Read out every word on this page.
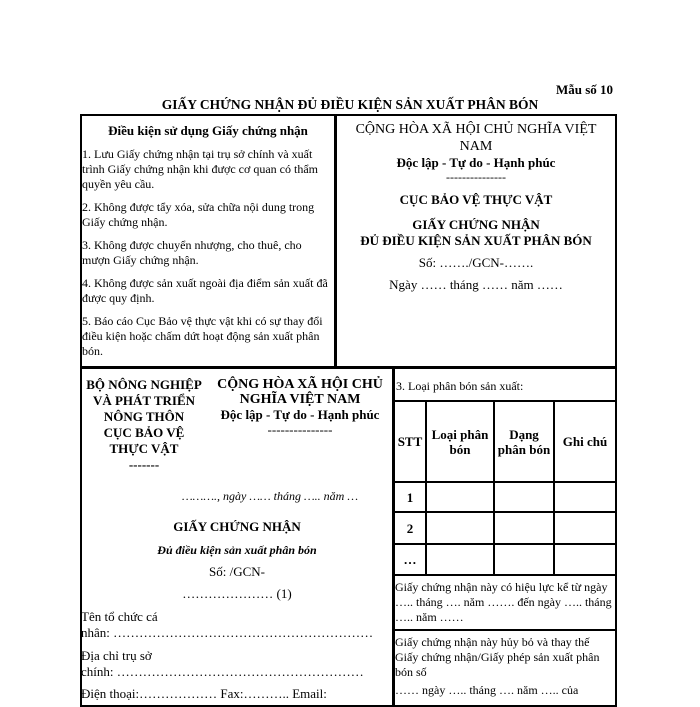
Mẫu số 10
GIẤY CHỨNG NHẬN ĐỦ ĐIỀU KIỆN SẢN XUẤT PHÂN BÓN
Điều kiện sử dụng Giấy chứng nhận

1. Lưu Giấy chứng nhận tại trụ sở chính và xuất trình Giấy chứng nhận khi được cơ quan có thẩm quyền yêu cầu.

2. Không được tẩy xóa, sửa chữa nội dung trong Giấy chứng nhận.

3. Không được chuyển nhượng, cho thuê, cho mượn Giấy chứng nhận.

4. Không được sản xuất ngoài địa điểm sản xuất đã được quy định.

5. Báo cáo Cục Bảo vệ thực vật khi có sự thay đổi điều kiện hoặc chấm dứt hoạt động sản xuất phân bón.

CỘNG HÒA XÃ HỘI CHỦ NGHĨA VIỆT

NAM

Độc lập - Tự do - Hạnh phúc

---------------

CỤC BẢO VỆ THỰC VẬT

GIẤY CHỨNG NHẬN

ĐỦ ĐIỀU KIỆN SẢN XUẤT PHÂN BÓN

Số: ……./GCN-…….

Ngày …… tháng …… năm ……

BỘ NÔNG NGHIỆP

VÀ PHÁT TRIỂN

NÔNG THÔN

CỤC BẢO VỆ

THỰC VẬT

-------

CỘNG HÒA XÃ HỘI CHỦ

NGHĨA VIỆT NAM

Độc lập - Tự do - Hạnh phúc

---------------

………., ngày …… tháng ….. năm …
GIẤY CHỨNG NHẬN
Đủ điều kiện sản xuất phân bón
Số: /GCN-
………………… (1)

Tên tổ chức cá

nhân: ……………………………………………………

Địa chỉ trụ sở

chính: …………………………………………………

Điện thoại:……………… Fax:……….. Email:
3. Loại phân bón sản xuất:
STT	Loại phân bón	Dạng phân bón	Ghi chú
1			
2			
…			
Giấy chứng nhận này có hiệu lực kể từ ngày ….. tháng …. năm ……. đến ngày ….. tháng ….. năm ……
Giấy chứng nhận này hủy bỏ và thay thế Giấy chứng nhận/Giấy phép sản xuất phân bón số
…… ngày ….. tháng …. năm ….. của
